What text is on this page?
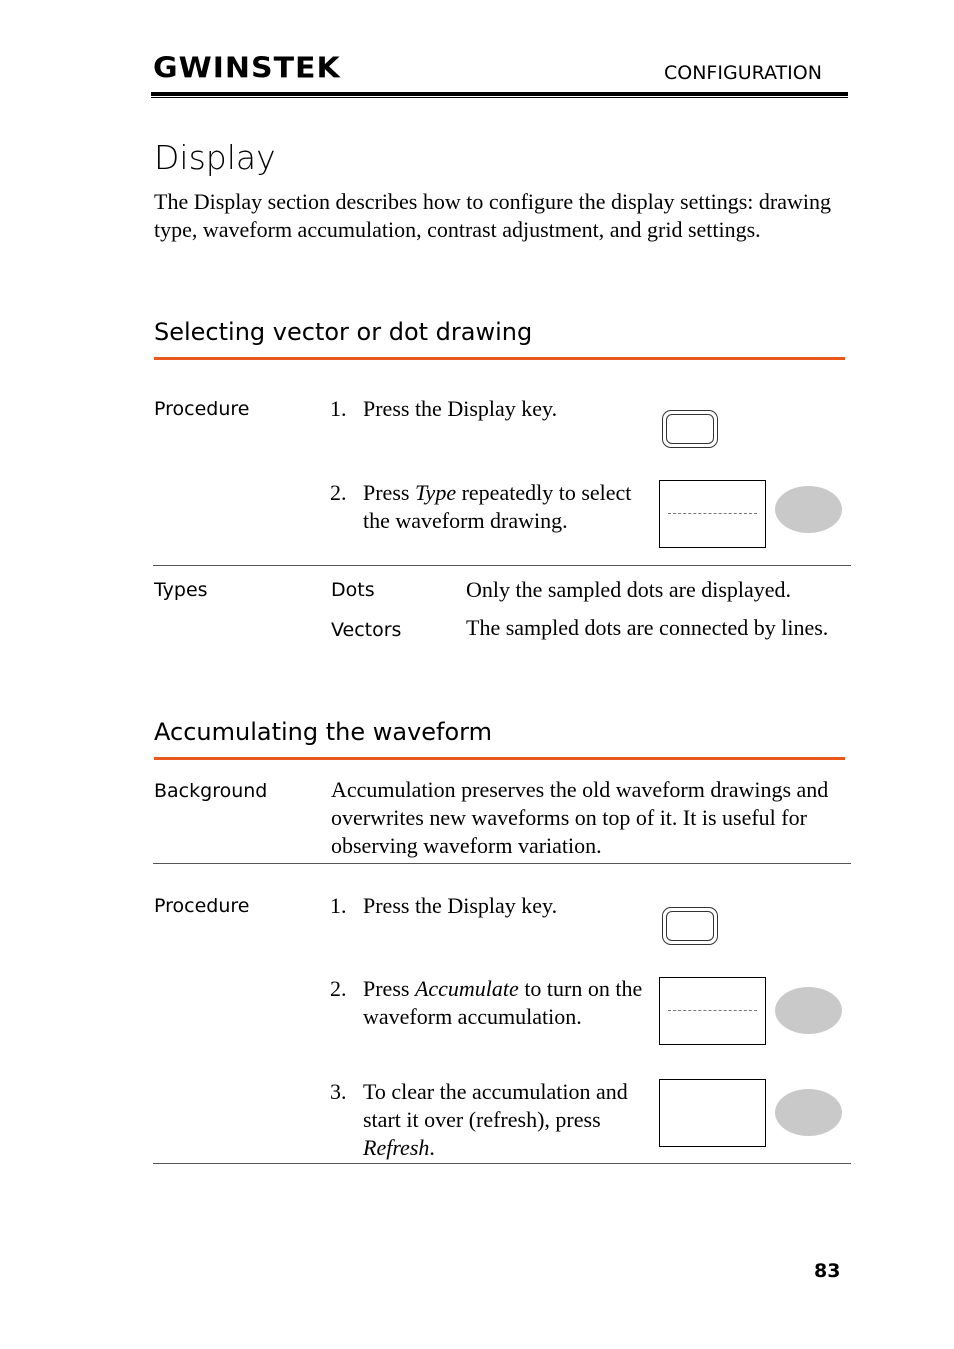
GWINSTEK	CONFIGURATION
Display
The Display section describes how to configure the display settings: drawing type, waveform accumulation, contrast adjustment, and grid settings.
Selecting vector or dot drawing
Procedure	1. Press the Display key.
2. Press Type repeatedly to select the waveform drawing.
Types	Dots	Only the sampled dots are displayed.
Vectors	The sampled dots are connected by lines.
Accumulating the waveform
Background	Accumulation preserves the old waveform drawings and overwrites new waveforms on top of it. It is useful for observing waveform variation.
Procedure	1. Press the Display key.
2. Press Accumulate to turn on the waveform accumulation.
3. To clear the accumulation and start it over (refresh), press Refresh.
83
